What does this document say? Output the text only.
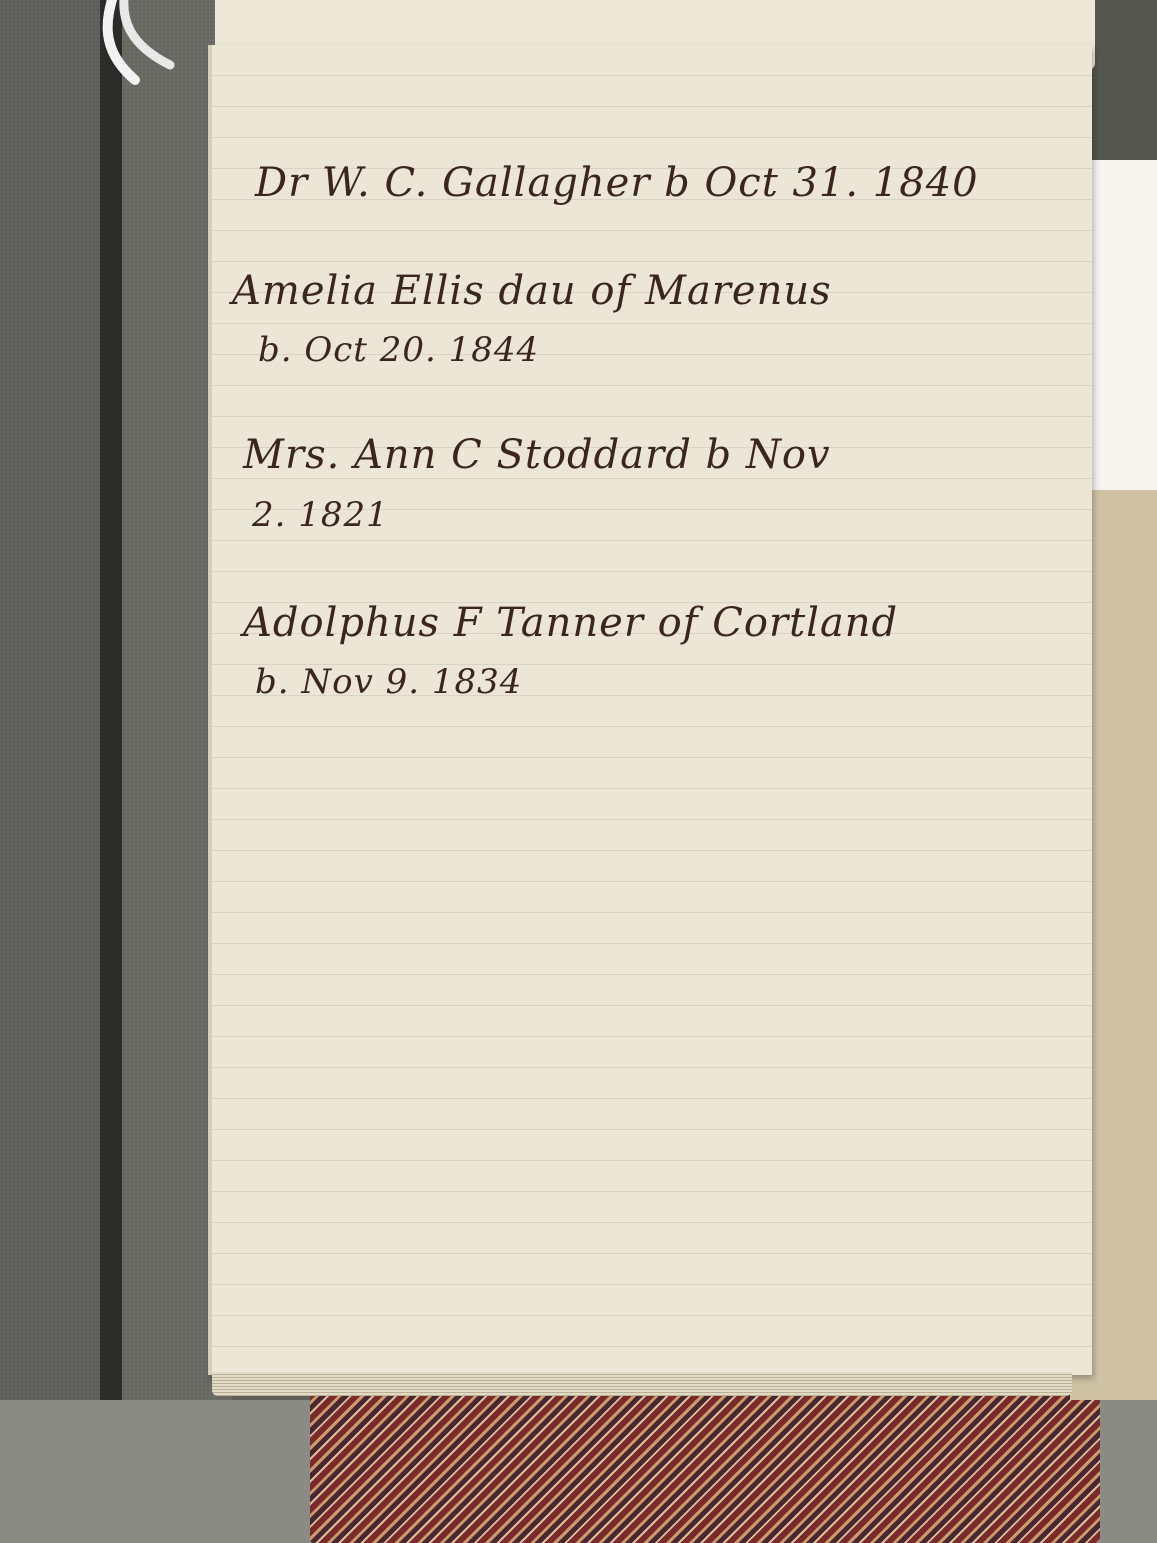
Dr W. C. Gallagher b Oct 31. 1840
Amelia Ellis dau of Marenus
b. Oct 20. 1844
Mrs. Ann C Stoddard b Nov
2. 1821
Adolphus F Tanner of Cortland
b. Nov 9. 1834
